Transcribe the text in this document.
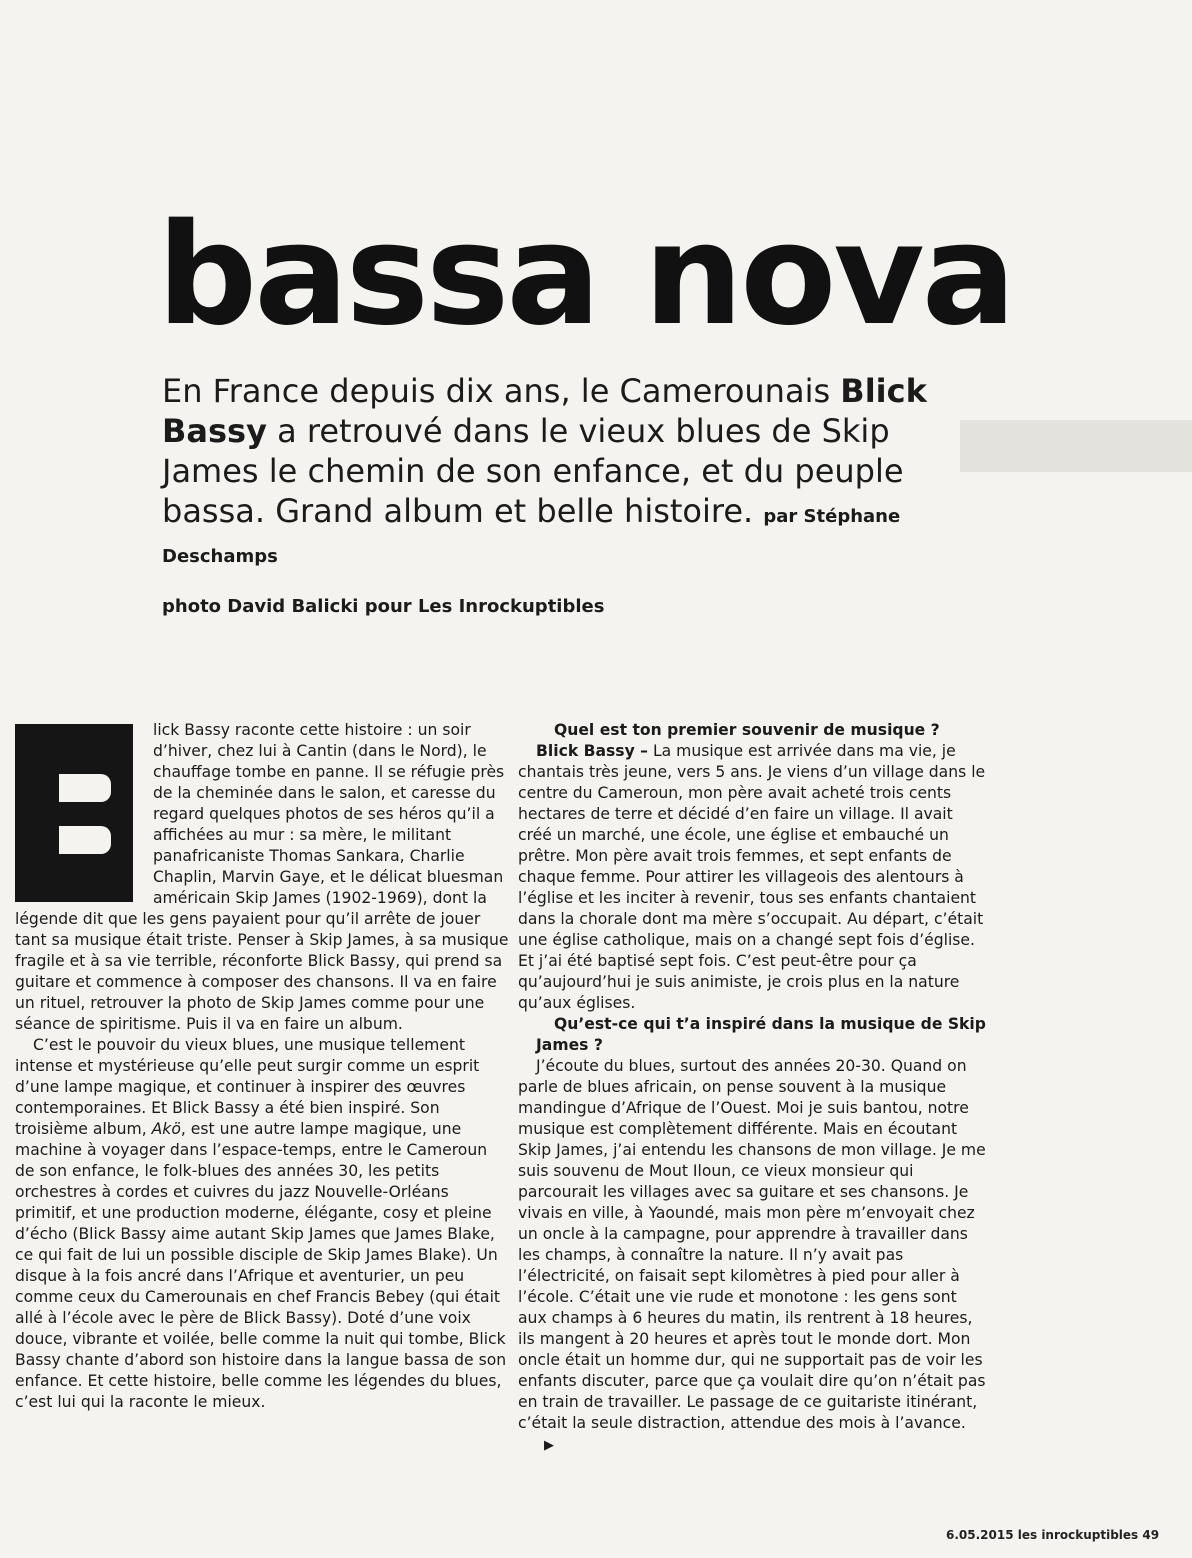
bassa nova

En France depuis dix ans, le Camerounais Blick Bassy a retrouvé dans le vieux blues de Skip James le chemin de son enfance, et du peuple bassa. Grand album et belle histoire. par Stéphane Deschamps

photo David Balicki pour Les Inrockuptibles

lick Bassy raconte cette histoire : un soir d’hiver, chez lui à Cantin (dans le Nord), le chauffage tombe en panne. Il se réfugie près de la cheminée dans le salon, et caresse du regard quelques photos de ses héros qu’il a affichées au mur : sa mère, le militant panafricaniste Thomas Sankara, Charlie Chaplin, Marvin Gaye, et le délicat bluesman américain Skip James (1902-1969), dont la légende dit que les gens payaient pour qu’il arrête de jouer tant sa musique était triste. Penser à Skip James, à sa musique fragile et à sa vie terrible, réconforte Blick Bassy, qui prend sa guitare et commence à composer des chansons. Il va en faire un rituel, retrouver la photo de Skip James comme pour une séance de spiritisme. Puis il va en faire un album.

C’est le pouvoir du vieux blues, une musique tellement intense et mystérieuse qu’elle peut surgir comme un esprit d’une lampe magique, et continuer à inspirer des œuvres contemporaines. Et Blick Bassy a été bien inspiré. Son troisième album, Akö, est une autre lampe magique, une machine à voyager dans l’espace-temps, entre le Cameroun de son enfance, le folk-blues des années 30, les petits orchestres à cordes et cuivres du jazz Nouvelle-Orléans primitif, et une production moderne, élégante, cosy et pleine d’écho (Blick Bassy aime autant Skip James que James Blake, ce qui fait de lui un possible disciple de Skip James Blake). Un disque à la fois ancré dans l’Afrique et aventurier, un peu comme ceux du Camerounais en chef Francis Bebey (qui était allé à l’école avec le père de Blick Bassy). Doté d’une voix douce, vibrante et voilée, belle comme la nuit qui tombe, Blick Bassy chante d’abord son histoire dans la langue bassa de son enfance. Et cette histoire, belle comme les légendes du blues, c’est lui qui la raconte le mieux.

Quel est ton premier souvenir de musique ?

Blick Bassy – La musique est arrivée dans ma vie, je chantais très jeune, vers 5 ans. Je viens d’un village dans le centre du Cameroun, mon père avait acheté trois cents hectares de terre et décidé d’en faire un village. Il avait créé un marché, une école, une église et embauché un prêtre. Mon père avait trois femmes, et sept enfants de chaque femme. Pour attirer les villageois des alentours à l’église et les inciter à revenir, tous ses enfants chantaient dans la chorale dont ma mère s’occupait. Au départ, c’était une église catholique, mais on a changé sept fois d’église. Et j’ai été baptisé sept fois. C’est peut-être pour ça qu’aujourd’hui je suis animiste, je crois plus en la nature qu’aux églises.

Qu’est-ce qui t’a inspiré dans la musique de Skip James ?

J’écoute du blues, surtout des années 20-30. Quand on parle de blues africain, on pense souvent à la musique mandingue d’Afrique de l’Ouest. Moi je suis bantou, notre musique est complètement différente. Mais en écoutant Skip James, j’ai entendu les chansons de mon village. Je me suis souvenu de Mout Iloun, ce vieux monsieur qui parcourait les villages avec sa guitare et ses chansons. Je vivais en ville, à Yaoundé, mais mon père m’envoyait chez un oncle à la campagne, pour apprendre à travailler dans les champs, à connaître la nature. Il n’y avait pas l’électricité, on faisait sept kilomètres à pied pour aller à l’école. C’était une vie rude et monotone : les gens sont aux champs à 6 heures du matin, ils rentrent à 18 heures, ils mangent à 20 heures et après tout le monde dort. Mon oncle était un homme dur, qui ne supportait pas de voir les enfants discuter, parce que ça voulait dire qu’on n’était pas en train de travailler. Le passage de ce guitariste itinérant, c’était la seule distraction, attendue des mois à l’avance.▶

6.05.2015 les inrockuptibles 49
